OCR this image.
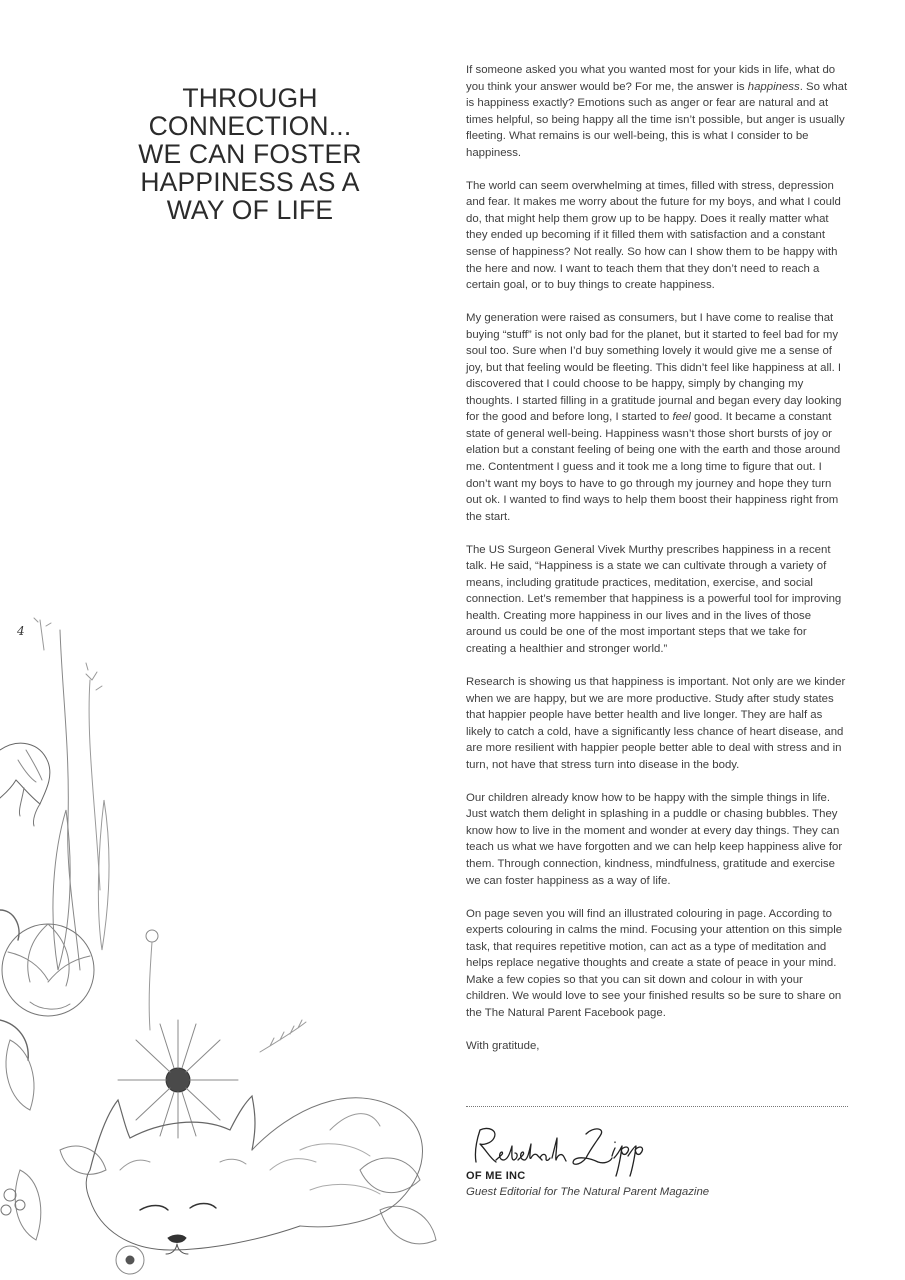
THROUGH
CONNECTION...
WE CAN FOSTER
HAPPINESS AS A
WAY OF LIFE
4

If someone asked you what you wanted most for your kids in life, what do you think your answer would be? For me, the answer is happiness. So what is happiness exactly? Emotions such as anger or fear are natural and at times helpful, so being happy all the time isn’t possible, but anger is usually fleeting. What remains is our well-being, this is what I consider to be happiness.

The world can seem overwhelming at times, filled with stress, depression and fear. It makes me worry about the future for my boys, and what I could do, that might help them grow up to be happy. Does it really matter what they ended up becoming if it filled them with satisfaction and a constant sense of happiness? Not really. So how can I show them to be happy with the here and now. I want to teach them that they don’t need to reach a certain goal, or to buy things to create happiness.

My generation were raised as consumers, but I have come to realise that buying “stuff” is not only bad for the planet, but it started to feel bad for my soul too. Sure when I’d buy something lovely it would give me a sense of joy, but that feeling would be fleeting. This didn’t feel like happiness at all. I discovered that I could choose to be happy, simply by changing my thoughts. I started filling in a gratitude journal and began every day looking for the good and before long, I started to feel good. It became a constant state of general well-being. Happiness wasn’t those short bursts of joy or elation but a constant feeling of being one with the earth and those around me. Contentment I guess and it took me a long time to figure that out. I don’t want my boys to have to go through my journey and hope they turn out ok. I wanted to find ways to help them boost their happiness right from the start.

The US Surgeon General Vivek Murthy prescribes happiness in a recent talk. He said, “Happiness is a state we can cultivate through a variety of means, including gratitude practices, meditation, exercise, and social connection. Let’s remember that happiness is a powerful tool for improving health. Creating more happiness in our lives and in the lives of those around us could be one of the most important steps that we take for creating a healthier and stronger world.”

Research is showing us that happiness is important. Not only are we kinder when we are happy, but we are more productive. Study after study states that happier people have better health and live longer. They are half as likely to catch a cold, have a significantly less chance of heart disease, and are more resilient with happier people better able to deal with stress and in turn, not have that stress turn into disease in the body.

Our children already know how to be happy with the simple things in life. Just watch them delight in splashing in a puddle or chasing bubbles. They know how to live in the moment and wonder at every day things. They can teach us what we have forgotten and we can help keep happiness alive for them. Through connection, kindness, mindfulness, gratitude and exercise we can foster happiness as a way of life.

On page seven you will find an illustrated colouring in page. According to experts colouring in calms the mind. Focusing your attention on this simple task, that requires repetitive motion, can act as a type of meditation and helps replace negative thoughts and create a state of peace in your mind. Make a few copies so that you can sit down and colour in with your children. We would love to see your finished results so be sure to share on the The Natural Parent Facebook page.

With gratitude,

OF ME INC
Guest Editorial for The Natural Parent Magazine
